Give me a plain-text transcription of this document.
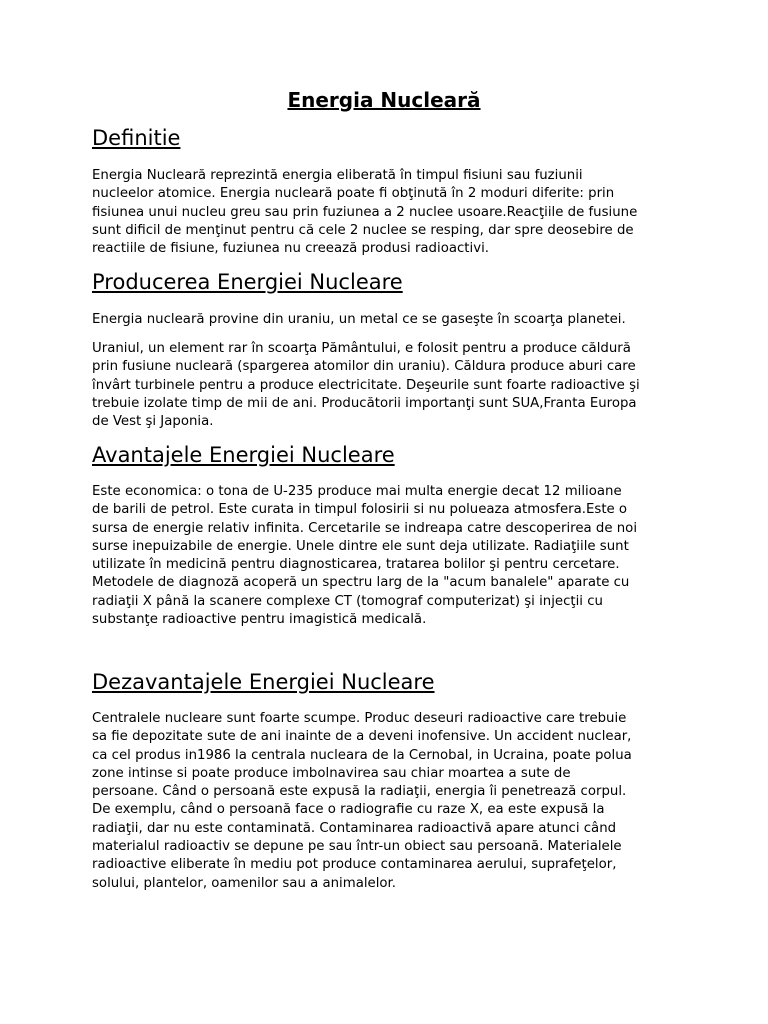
Energia Nucleară
Definitie
Energia Nucleară reprezintă energia eliberată în timpul fisiuni sau fuziunii
nucleelor atomice. Energia nucleară poate fi obţinută în 2 moduri diferite: prin
fisiunea unui nucleu greu sau prin fuziunea a 2 nuclee usoare.Reacţiile de fusiune
sunt dificil de menţinut pentru că cele 2 nuclee se resping, dar spre deosebire de
reactiile de fisiune, fuziunea nu creează produsi radioactivi.
Producerea Energiei Nucleare
Energia nucleară provine din uraniu, un metal ce se gaseşte în scoarţa planetei.
Uraniul, un element rar în scoarţa Pământului, e folosit pentru a produce căldură
prin fusiune nucleară (spargerea atomilor din uraniu). Căldura produce aburi care
învârt turbinele pentru a produce electricitate. Deşeurile sunt foarte radioactive şi
trebuie izolate timp de mii de ani. Producătorii importanţi sunt SUA,Franta Europa
de Vest şi Japonia.
Avantajele Energiei Nucleare
Este economica: o tona de U-235 produce mai multa energie decat 12 milioane
de barili de petrol. Este curata in timpul folosirii si nu polueaza atmosfera.Este o
sursa de energie relativ infinita. Cercetarile se indreapa catre descoperirea de noi
surse inepuizabile de energie. Unele dintre ele sunt deja utilizate. Radiaţiile sunt
utilizate în medicină pentru diagnosticarea, tratarea bolilor şi pentru cercetare.
Metodele de diagnoză acoperă un spectru larg de la "acum banalele" aparate cu
radiaţii X până la scanere complexe CT (tomograf computerizat) şi injecţii cu
substanţe radioactive pentru imagistică medicală.
Dezavantajele Energiei Nucleare
Centralele nucleare sunt foarte scumpe. Produc deseuri radioactive care trebuie
sa fie depozitate sute de ani inainte de a deveni inofensive. Un accident nuclear,
ca cel produs in1986 la centrala nucleara de la Cernobal, in Ucraina, poate polua
zone intinse si poate produce imbolnavirea sau chiar moartea a sute de
persoane. Când o persoană este expusă la radiaţii, energia îi penetrează corpul.
De exemplu, când o persoană face o radiografie cu raze X, ea este expusă la
radiaţii, dar nu este contaminată. Contaminarea radioactivă apare atunci când
materialul radioactiv se depune pe sau într-un obiect sau persoană. Materialele
radioactive eliberate în mediu pot produce contaminarea aerului, suprafeţelor,
solului, plantelor, oamenilor sau a animalelor.
